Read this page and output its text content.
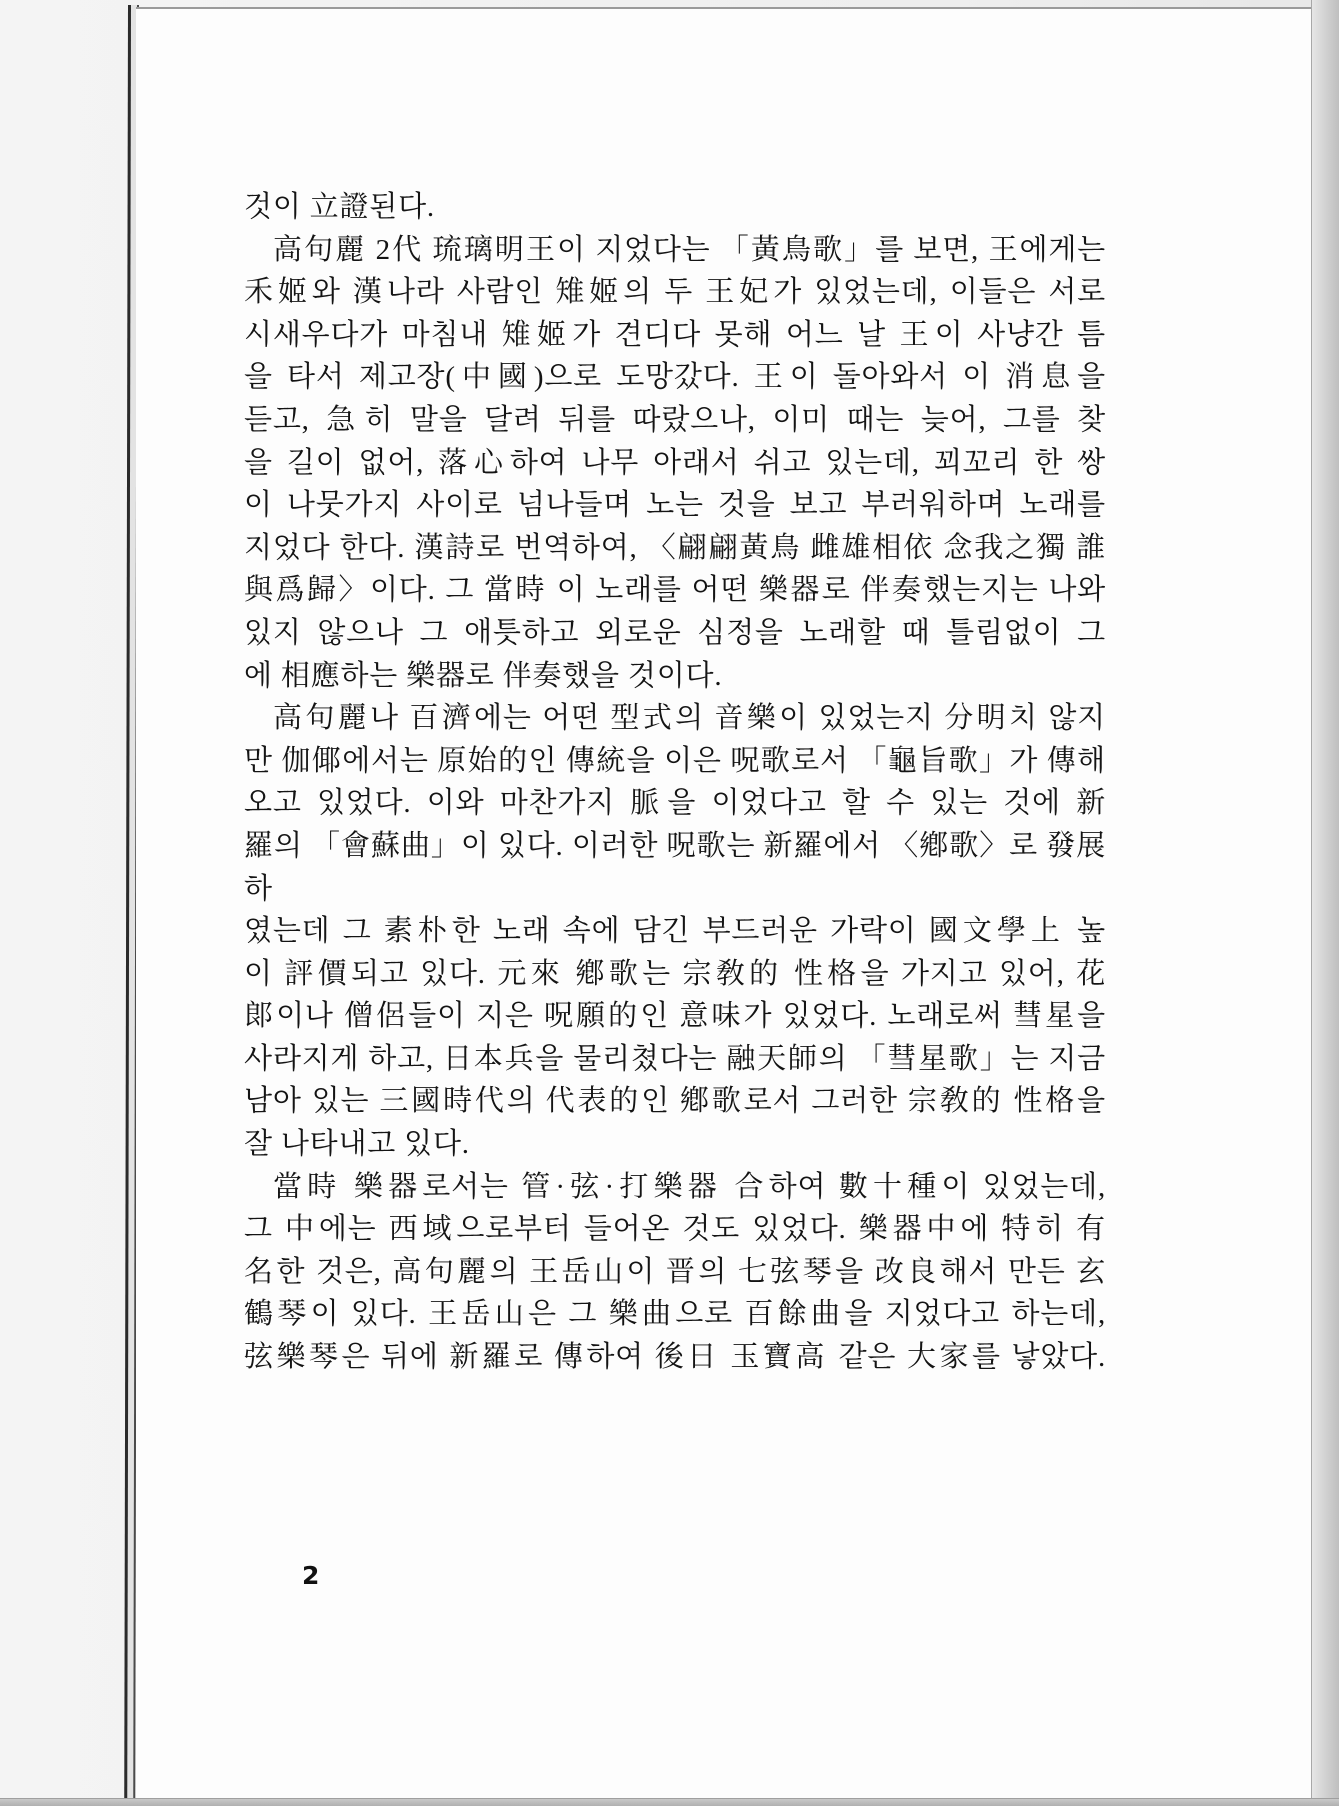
것이 立證된다.
高句麗 2代 琉璃明王이 지었다는 「黃鳥歌」를 보면, 王에게는
禾姬와 漢나라 사람인 雉姬의 두 王妃가 있었는데, 이들은 서로
시새우다가 마침내 雉姬가 견디다 못해 어느 날 王이 사냥간 틈
을 타서 제고장(中國)으로 도망갔다. 王이 돌아와서 이 消息을
듣고, 急히 말을 달려 뒤를 따랐으나, 이미 때는 늦어, 그를 찾
을 길이 없어, 落心하여 나무 아래서 쉬고 있는데, 꾀꼬리 한 쌍
이 나뭇가지 사이로 넘나들며 노는 것을 보고 부러워하며 노래를
지었다 한다. 漢詩로 번역하여, 〈翩翩黃鳥 雌雄相依 念我之獨 誰
與爲歸〉이다. 그 當時 이 노래를 어떤 樂器로 伴奏했는지는 나와
있지 않으나 그 애틋하고 외로운 심정을 노래할 때 틀림없이 그
에 相應하는 樂器로 伴奏했을 것이다.
高句麗나 百濟에는 어떤 型式의 音樂이 있었는지 分明치 않지
만 伽倻에서는 原始的인 傳統을 이은 呪歌로서 「龜旨歌」가 傳해
오고 있었다. 이와 마찬가지 脈을 이었다고 할 수 있는 것에 新
羅의 「會蘇曲」이 있다. 이러한 呪歌는 新羅에서 〈鄕歌〉로 發展하
였는데 그 素朴한 노래 속에 담긴 부드러운 가락이 國文學上 높
이 評價되고 있다. 元來 鄕歌는 宗敎的 性格을 가지고 있어, 花
郞이나 僧侶들이 지은 呪願的인 意味가 있었다. 노래로써 彗星을
사라지게 하고, 日本兵을 물리쳤다는 融天師의 「彗星歌」는 지금
남아 있는 三國時代의 代表的인 鄕歌로서 그러한 宗敎的 性格을
잘 나타내고 있다.
當時 樂器로서는 管·弦·打樂器 合하여 數十種이 있었는데,
그 中에는 西域으로부터 들어온 것도 있었다. 樂器中에 特히 有
名한 것은, 高句麗의 王岳山이 晋의 七弦琴을 改良해서 만든 玄
鶴琴이 있다. 王岳山은 그 樂曲으로 百餘曲을 지었다고 하는데,
弦樂琴은 뒤에 新羅로 傳하여 後日 玉寶高 같은 大家를 낳았다.
2
